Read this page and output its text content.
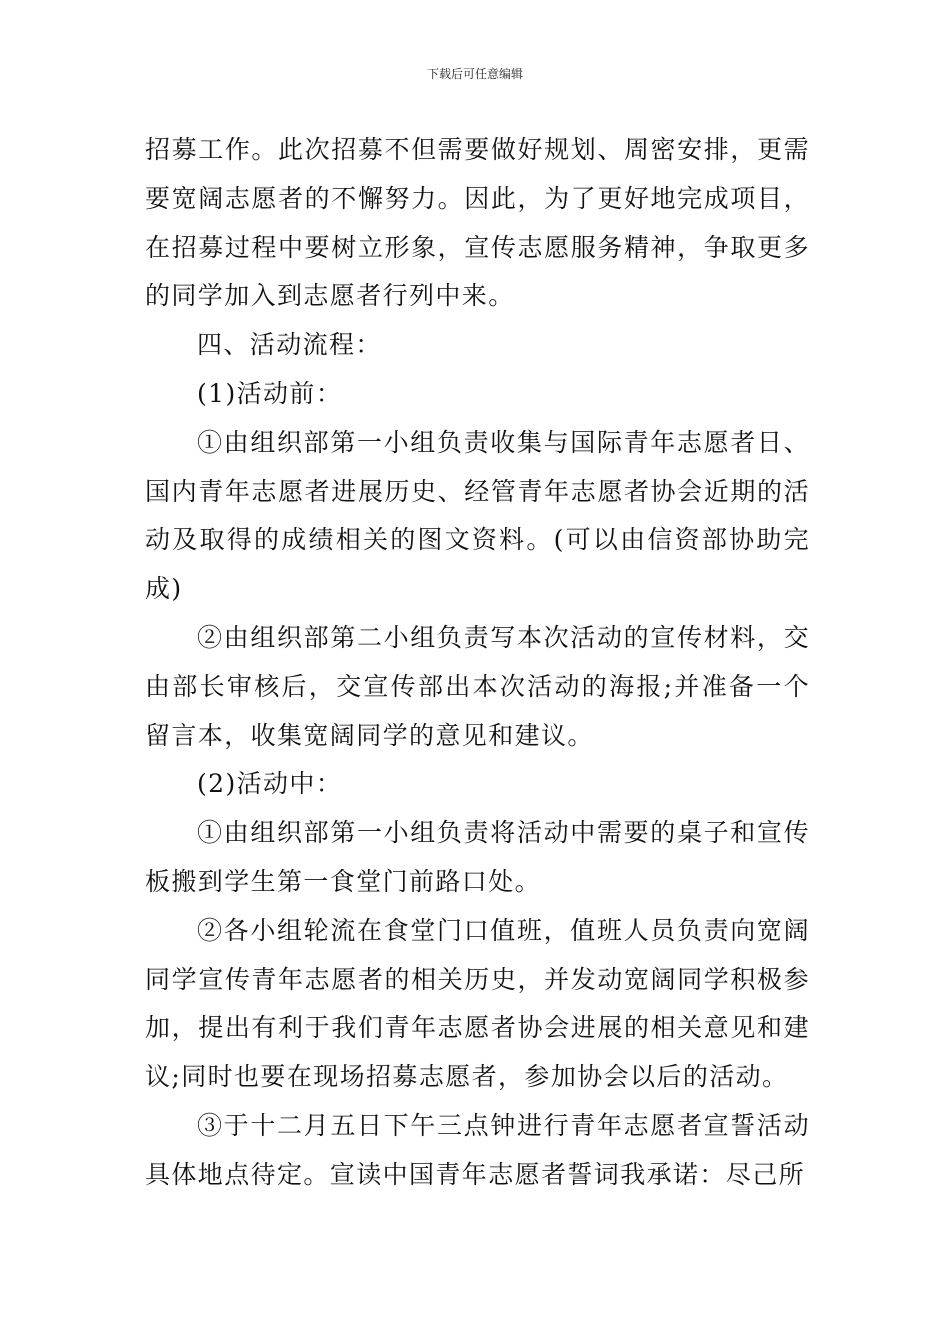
下载后可任意编辑

招募工作。此次招募不但需要做好规划、周密安排，更需要宽阔志愿者的不懈努力。因此，为了更好地完成项目，在招募过程中要树立形象，宣传志愿服务精神，争取更多的同学加入到志愿者行列中来。

四、活动流程：

(1)活动前：

①由组织部第一小组负责收集与国际青年志愿者日、国内青年志愿者进展历史、经管青年志愿者协会近期的活动及取得的成绩相关的图文资料。(可以由信资部协助完成)

②由组织部第二小组负责写本次活动的宣传材料，交由部长审核后，交宣传部出本次活动的海报;并准备一个留言本，收集宽阔同学的意见和建议。

(2)活动中：

①由组织部第一小组负责将活动中需要的桌子和宣传板搬到学生第一食堂门前路口处。

②各小组轮流在食堂门口值班，值班人员负责向宽阔同学宣传青年志愿者的相关历史，并发动宽阔同学积极参加，提出有利于我们青年志愿者协会进展的相关意见和建议;同时也要在现场招募志愿者，参加协会以后的活动。

③于十二月五日下午三点钟进行青年志愿者宣誓活动具体地点待定。宣读中国青年志愿者誓词我承诺：尽己所
